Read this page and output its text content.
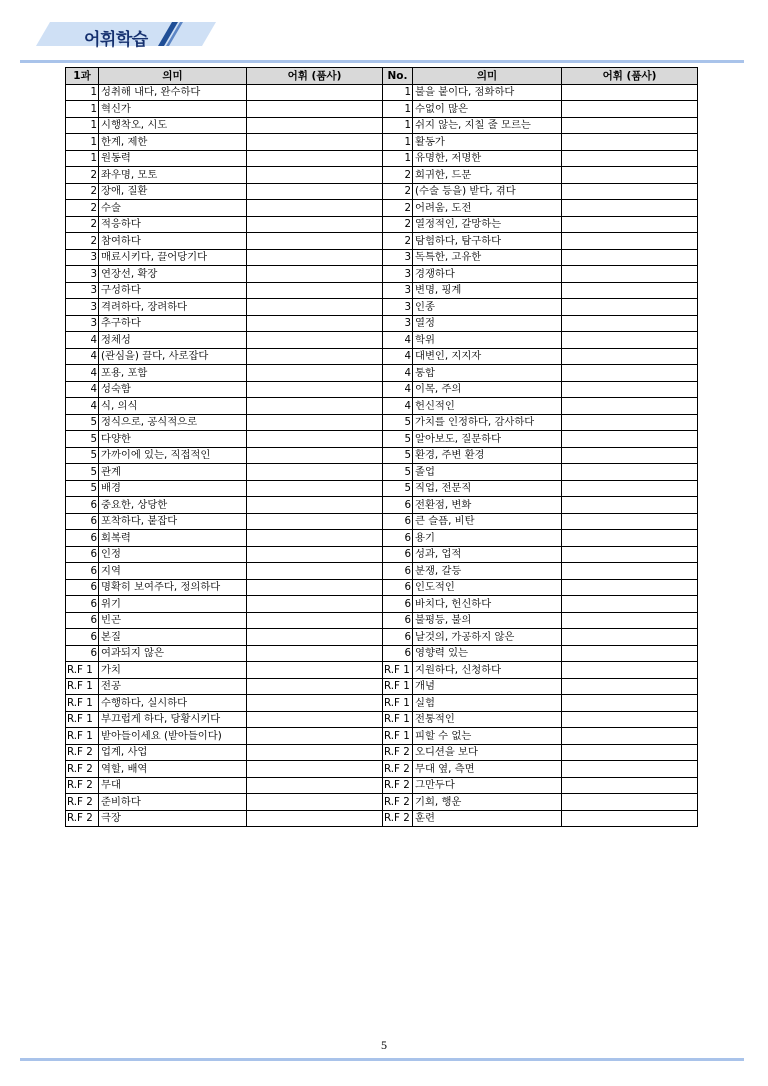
어휘학습
1과	의미	어휘 (품사)	No.	의미	어휘 (품사)
1	성취해 내다, 완수하다		1	불을 붙이다, 점화하다	
1	혁신가		1	수없이 많은	
1	시행착오, 시도		1	쉬지 않는, 지칠 줄 모르는	
1	한계, 제한		1	활동가	
1	원동력		1	유명한, 저명한	
2	좌우명, 모토		2	희귀한, 드문	
2	장애, 질환		2	(수술 등을) 받다, 겪다	
2	수술		2	어려움, 도전	
2	적응하다		2	열정적인, 갈망하는	
2	참여하다		2	탐험하다, 탐구하다	
3	매료시키다, 끌어당기다		3	독특한, 고유한	
3	연장선, 확장		3	경쟁하다	
3	구성하다		3	변명, 핑계	
3	격려하다, 장려하다		3	인종	
3	추구하다		3	열정	
4	정체성		4	학위	
4	(관심을) 끌다, 사로잡다		4	대변인, 지지자	
4	포용, 포함		4	통합	
4	성숙함		4	이목, 주의	
4	식, 의식		4	헌신적인	
5	정식으로, 공식적으로		5	가치를 인정하다, 감사하다	
5	다양한		5	알아보도, 질문하다	
5	가까이에 있는, 직접적인		5	환경, 주변 환경	
5	관계		5	졸업	
5	배경		5	직업, 전문직	
6	중요한, 상당한		6	전환점, 변화	
6	포착하다, 붙잡다		6	큰 슬픔, 비탄	
6	회복력		6	용기	
6	인정		6	성과, 업적	
6	지역		6	분쟁, 갈등	
6	명확히 보여주다, 정의하다		6	인도적인	
6	위기		6	바치다, 헌신하다	
6	빈곤		6	불평등, 불의	
6	본질		6	날것의, 가공하지 않은	
6	여과되지 않은		6	영향력 있는	
R.F 1	가치		R.F 1	지원하다, 신청하다	
R.F 1	전공		R.F 1	개념	
R.F 1	수행하다, 실시하다		R.F 1	실험	
R.F 1	부끄럽게 하다, 당황시키다		R.F 1	전통적인	
R.F 1	받아들이세요 (받아들이다)		R.F 1	피할 수 없는	
R.F 2	업계, 사업		R.F 2	오디션을 보다	
R.F 2	역할, 배역		R.F 2	무대 옆, 측면	
R.F 2	무대		R.F 2	그만두다	
R.F 2	준비하다		R.F 2	기회, 행운	
R.F 2	극장		R.F 2	훈련	
5
